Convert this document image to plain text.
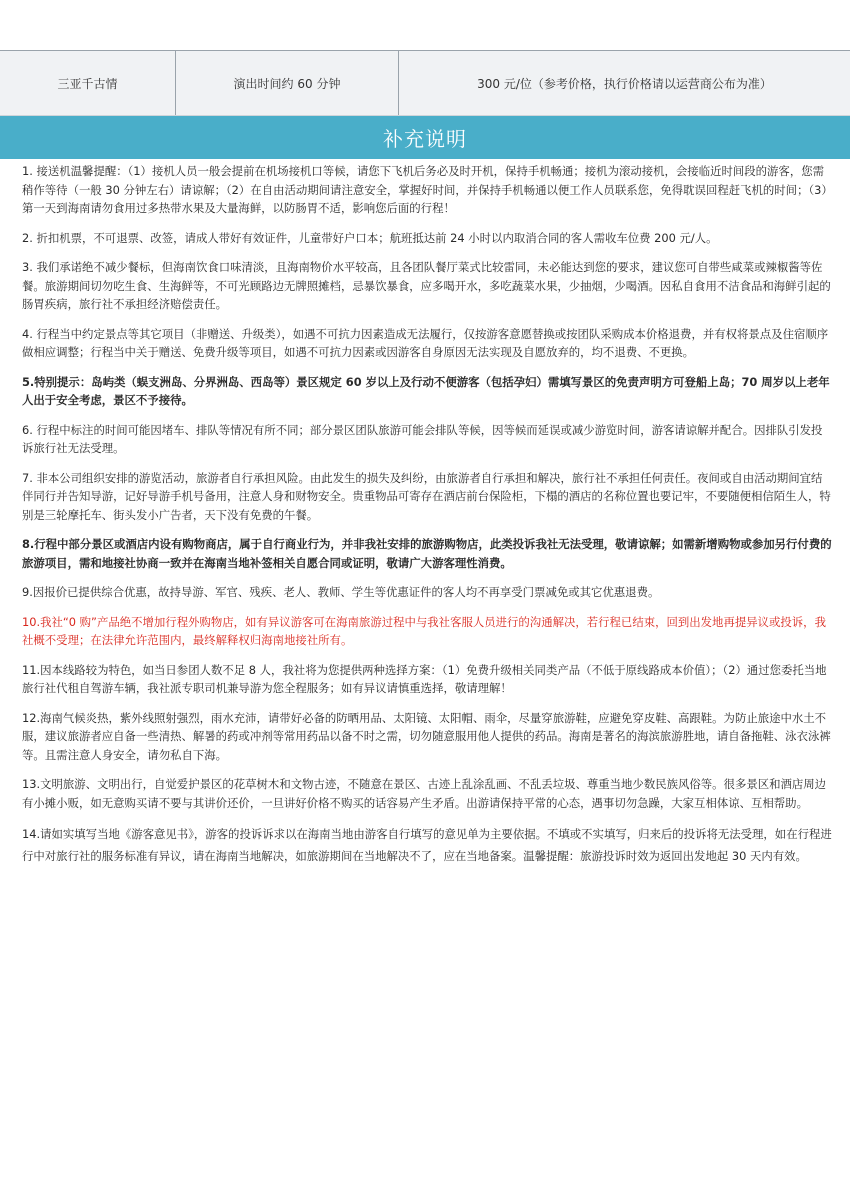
三亚千古情	演出时间约 60 分钟	300 元/位（参考价格，执行价格请以运营商公布为准）
补充说明

1. 接送机温馨提醒：（1）接机人员一般会提前在机场接机口等候，请您下飞机后务必及时开机，保持手机畅通；接机为滚动接机，会接临近时间段的游客，您需稍作等待（一般 30 分钟左右）请谅解；（2）在自由活动期间请注意安全，掌握好时间，并保持手机畅通以便工作人员联系您，免得耽误回程赶飞机的时间；（3）第一天到海南请勿食用过多热带水果及大量海鲜，以防肠胃不适，影响您后面的行程！

2. 折扣机票，不可退票、改签，请成人带好有效证件，儿童带好户口本；航班抵达前 24 小时以内取消合同的客人需收车位费 200 元/人。

3. 我们承诺绝不减少餐标，但海南饮食口味清淡，且海南物价水平较高，且各团队餐厅菜式比较雷同，未必能达到您的要求，建议您可自带些咸菜或辣椒酱等佐餐。旅游期间切勿吃生食、生海鲜等，不可光顾路边无牌照摊档，忌暴饮暴食，应多喝开水，多吃蔬菜水果，少抽烟，少喝酒。因私自食用不洁食品和海鲜引起的肠胃疾病，旅行社不承担经济赔偿责任。

4. 行程当中约定景点等其它项目（非赠送、升级类），如遇不可抗力因素造成无法履行，仅按游客意愿替换或按团队采购成本价格退费，并有权将景点及住宿顺序做相应调整；行程当中关于赠送、免费升级等项目，如遇不可抗力因素或因游客自身原因无法实现及自愿放弃的，均不退费、不更换。

5.特别提示：岛屿类（蜈支洲岛、分界洲岛、西岛等）景区规定 60 岁以上及行动不便游客（包括孕妇）需填写景区的免责声明方可登船上岛；70 周岁以上老年人出于安全考虑，景区不予接待。

6. 行程中标注的时间可能因堵车、排队等情况有所不同；部分景区团队旅游可能会排队等候，因等候而延误或减少游览时间，游客请谅解并配合。因排队引发投诉旅行社无法受理。

7. 非本公司组织安排的游览活动，旅游者自行承担风险。由此发生的损失及纠纷，由旅游者自行承担和解决，旅行社不承担任何责任。夜间或自由活动期间宜结伴同行并告知导游，记好导游手机号备用，注意人身和财物安全。贵重物品可寄存在酒店前台保险柜，下榻的酒店的名称位置也要记牢，不要随便相信陌生人，特别是三轮摩托车、街头发小广告者，天下没有免费的午餐。

8.行程中部分景区或酒店内设有购物商店，属于自行商业行为，并非我社安排的旅游购物店，此类投诉我社无法受理，敬请谅解；如需新增购物或参加另行付费的旅游项目，需和地接社协商一致并在海南当地补签相关自愿合同或证明，敬请广大游客理性消费。

9.因报价已提供综合优惠，故持导游、军官、残疾、老人、教师、学生等优惠证件的客人均不再享受门票减免或其它优惠退费。

10.我社“0 购”产品绝不增加行程外购物店，如有异议游客可在海南旅游过程中与我社客服人员进行的沟通解决，若行程已结束，回到出发地再提异议或投诉，我社概不受理；在法律允许范围内，最终解释权归海南地接社所有。

11.因本线路较为特色，如当日参团人数不足 8 人，我社将为您提供两种选择方案：（1）免费升级相关同类产品（不低于原线路成本价值）；（2）通过您委托当地旅行社代租自驾游车辆，我社派专职司机兼导游为您全程服务；如有异议请慎重选择，敬请理解！

12.海南气候炎热，紫外线照射强烈，雨水充沛，请带好必备的防晒用品、太阳镜、太阳帽、雨伞，尽量穿旅游鞋，应避免穿皮鞋、高跟鞋。为防止旅途中水土不服，建议旅游者应自备一些清热、解暑的药或冲剂等常用药品以备不时之需，切勿随意服用他人提供的药品。海南是著名的海滨旅游胜地，请自备拖鞋、泳衣泳裤等。且需注意人身安全，请勿私自下海。

13.文明旅游、文明出行，自觉爱护景区的花草树木和文物古迹，不随意在景区、古迹上乱涂乱画、不乱丢垃圾、尊重当地少数民族风俗等。很多景区和酒店周边有小摊小贩，如无意购买请不要与其讲价还价，一旦讲好价格不购买的话容易产生矛盾。出游请保持平常的心态，遇事切勿急躁，大家互相体谅、互相帮助。

14.请如实填写当地《游客意见书》，游客的投诉诉求以在海南当地由游客自行填写的意见单为主要依据。不填或不实填写，归来后的投诉将无法受理，如在行程进行中对旅行社的服务标准有异议，请在海南当地解决，如旅游期间在当地解决不了，应在当地备案。温馨提醒：旅游投诉时效为返回出发地起 30 天内有效。
